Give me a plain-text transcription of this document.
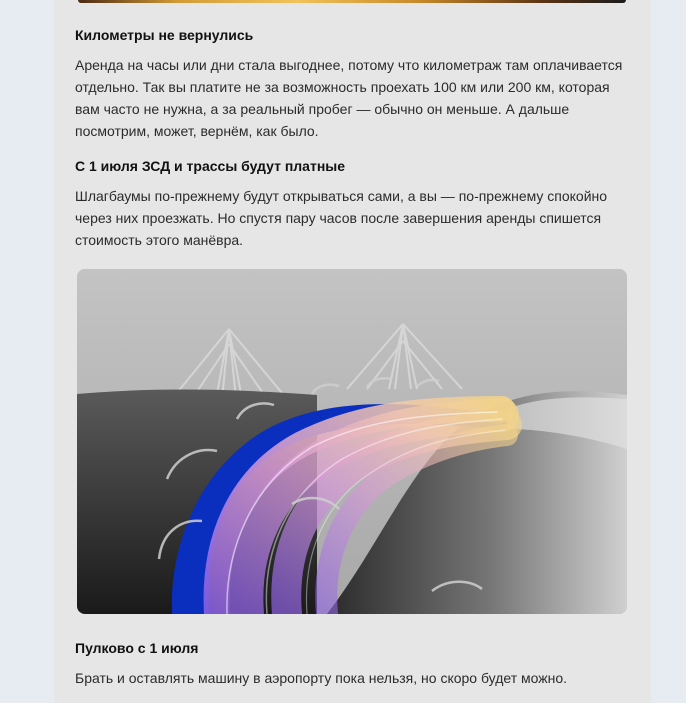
Километры не вернулись

Аренда на часы или дни стала выгоднее, потому что километраж там оплачивается отдельно. Так вы платите не за возможность проехать 100 км или 200 км, которая вам часто не нужна, а за реальный пробег — обычно он меньше. А дальше посмотрим, может, вернём, как было.

С 1 июля ЗСД и трассы будут платные

Шлагбаумы по-прежнему будут открываться сами, а вы — по-прежнему спокойно через них проезжать. Но спустя пару часов после завершения аренды спишется стоимость этого манёвра.

Пулково с 1 июля

Брать и оставлять машину в аэропорту пока нельзя, но скоро будет можно.
